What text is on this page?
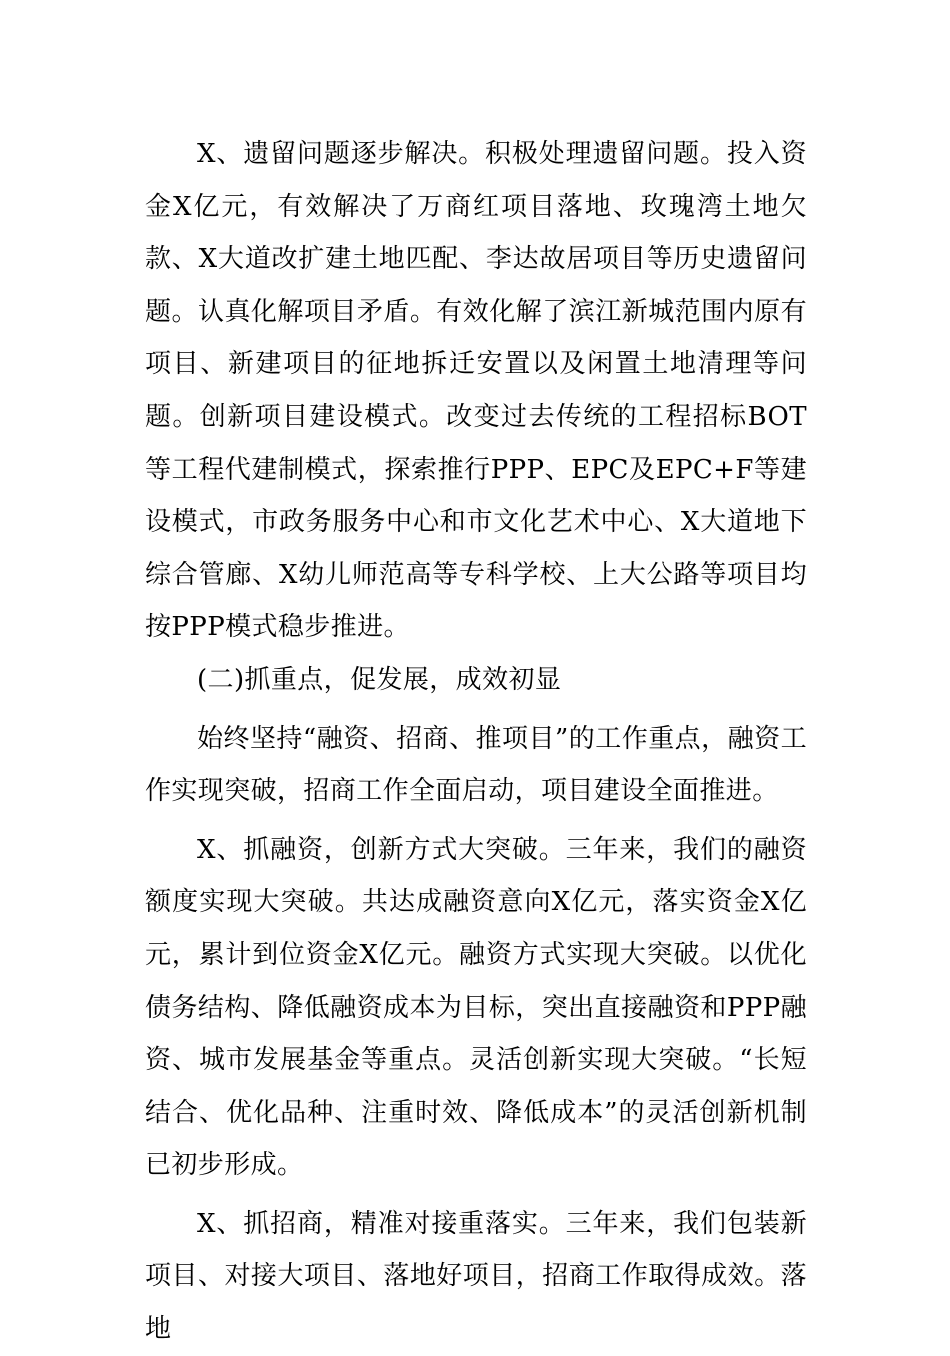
X、遗留问题逐步解决。积极处理遗留问题。投入资金X亿元，有效解决了万商红项目落地、玫瑰湾土地欠款、X大道改扩建土地匹配、李达故居项目等历史遗留问题。认真化解项目矛盾。有效化解了滨江新城范围内原有项目、新建项目的征地拆迁安置以及闲置土地清理等问题。创新项目建设模式。改变过去传统的工程招标BOT等工程代建制模式，探索推行PPP、EPC及EPC+F等建设模式，市政务服务中心和市文化艺术中心、X大道地下综合管廊、X幼儿师范高等专科学校、上大公路等项目均按PPP模式稳步推进。

(二)抓重点，促发展，成效初显

始终坚持“融资、招商、推项目”的工作重点，融资工作实现突破，招商工作全面启动，项目建设全面推进。

X、抓融资，创新方式大突破。三年来，我们的融资额度实现大突破。共达成融资意向X亿元，落实资金X亿元，累计到位资金X亿元。融资方式实现大突破。以优化债务结构、降低融资成本为目标，突出直接融资和PPP融资、城市发展基金等重点。灵活创新实现大突破。“长短结合、优化品种、注重时效、降低成本”的灵活创新机制已初步形成。

X、抓招商，精准对接重落实。三年来，我们包装新项目、对接大项目、落地好项目，招商工作取得成效。落地
